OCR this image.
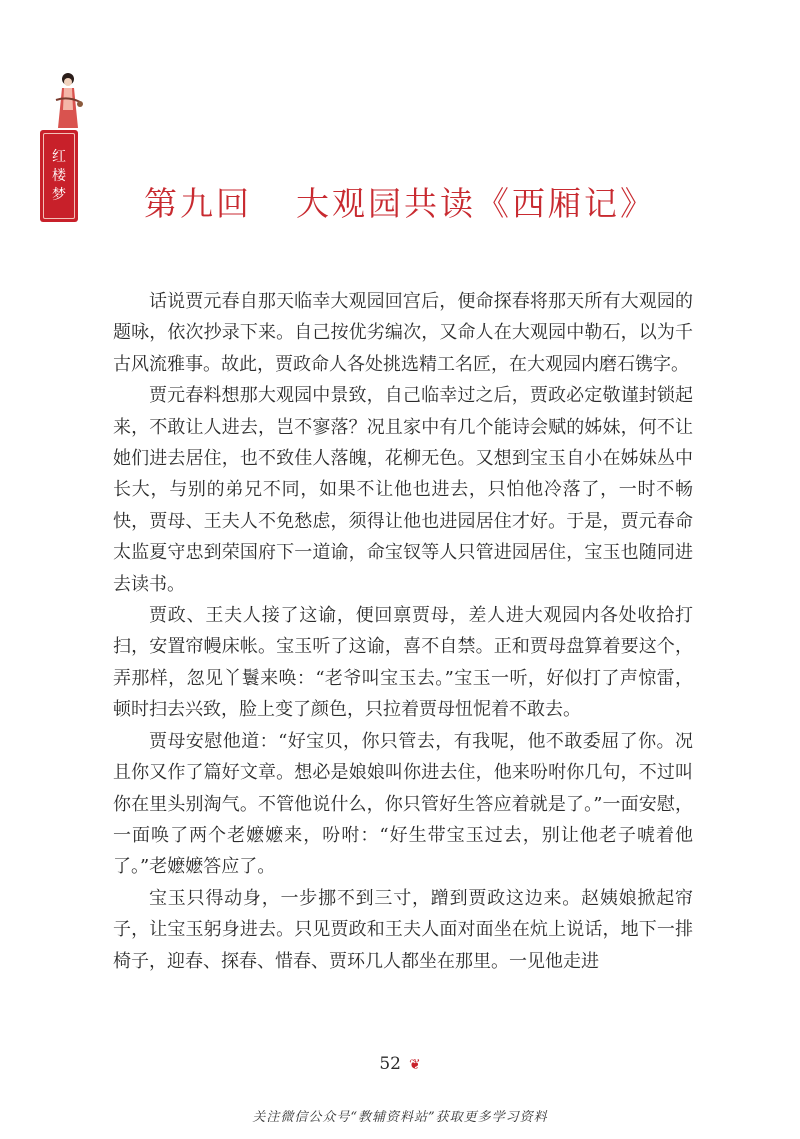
红
楼
梦	第九回 大观园共读《西厢记》

话说贾元春自那天临幸大观园回宫后，便命探春将那天所有大观园的题咏，依次抄录下来。自己按优劣编次，又命人在大观园中勒石，以为千古风流雅事。故此，贾政命人各处挑选精工名匠，在大观园内磨石镌字。

贾元春料想那大观园中景致，自己临幸过之后，贾政必定敬谨封锁起来，不敢让人进去，岂不寥落？况且家中有几个能诗会赋的姊妹，何不让她们进去居住，也不致佳人落魄，花柳无色。又想到宝玉自小在姊妹丛中长大，与别的弟兄不同，如果不让他也进去，只怕他冷落了，一时不畅快，贾母、王夫人不免愁虑，须得让他也进园居住才好。于是，贾元春命太监夏守忠到荣国府下一道谕，命宝钗等人只管进园居住，宝玉也随同进去读书。

贾政、王夫人接了这谕，便回禀贾母，差人进大观园内各处收拾打扫，安置帘幔床帐。宝玉听了这谕，喜不自禁。正和贾母盘算着要这个，弄那样，忽见丫鬟来唤：“老爷叫宝玉去。”宝玉一听，好似打了声惊雷，顿时扫去兴致，脸上变了颜色，只拉着贾母忸怩着不敢去。

贾母安慰他道：“好宝贝，你只管去，有我呢，他不敢委屈了你。况且你又作了篇好文章。想必是娘娘叫你进去住，他来吩咐你几句，不过叫你在里头别淘气。不管他说什么，你只管好生答应着就是了。”一面安慰，一面唤了两个老嬷嬷来，吩咐：“好生带宝玉过去，别让他老子唬着他了。”老嬷嬷答应了。

宝玉只得动身，一步挪不到三寸，蹭到贾政这边来。赵姨娘掀起帘子，让宝玉躬身进去。只见贾政和王夫人面对面坐在炕上说话，地下一排椅子，迎春、探春、惜春、贾环几人都坐在那里。一见他走进

52 ❦
关注微信公众号“教辅资料站”获取更多学习资料
